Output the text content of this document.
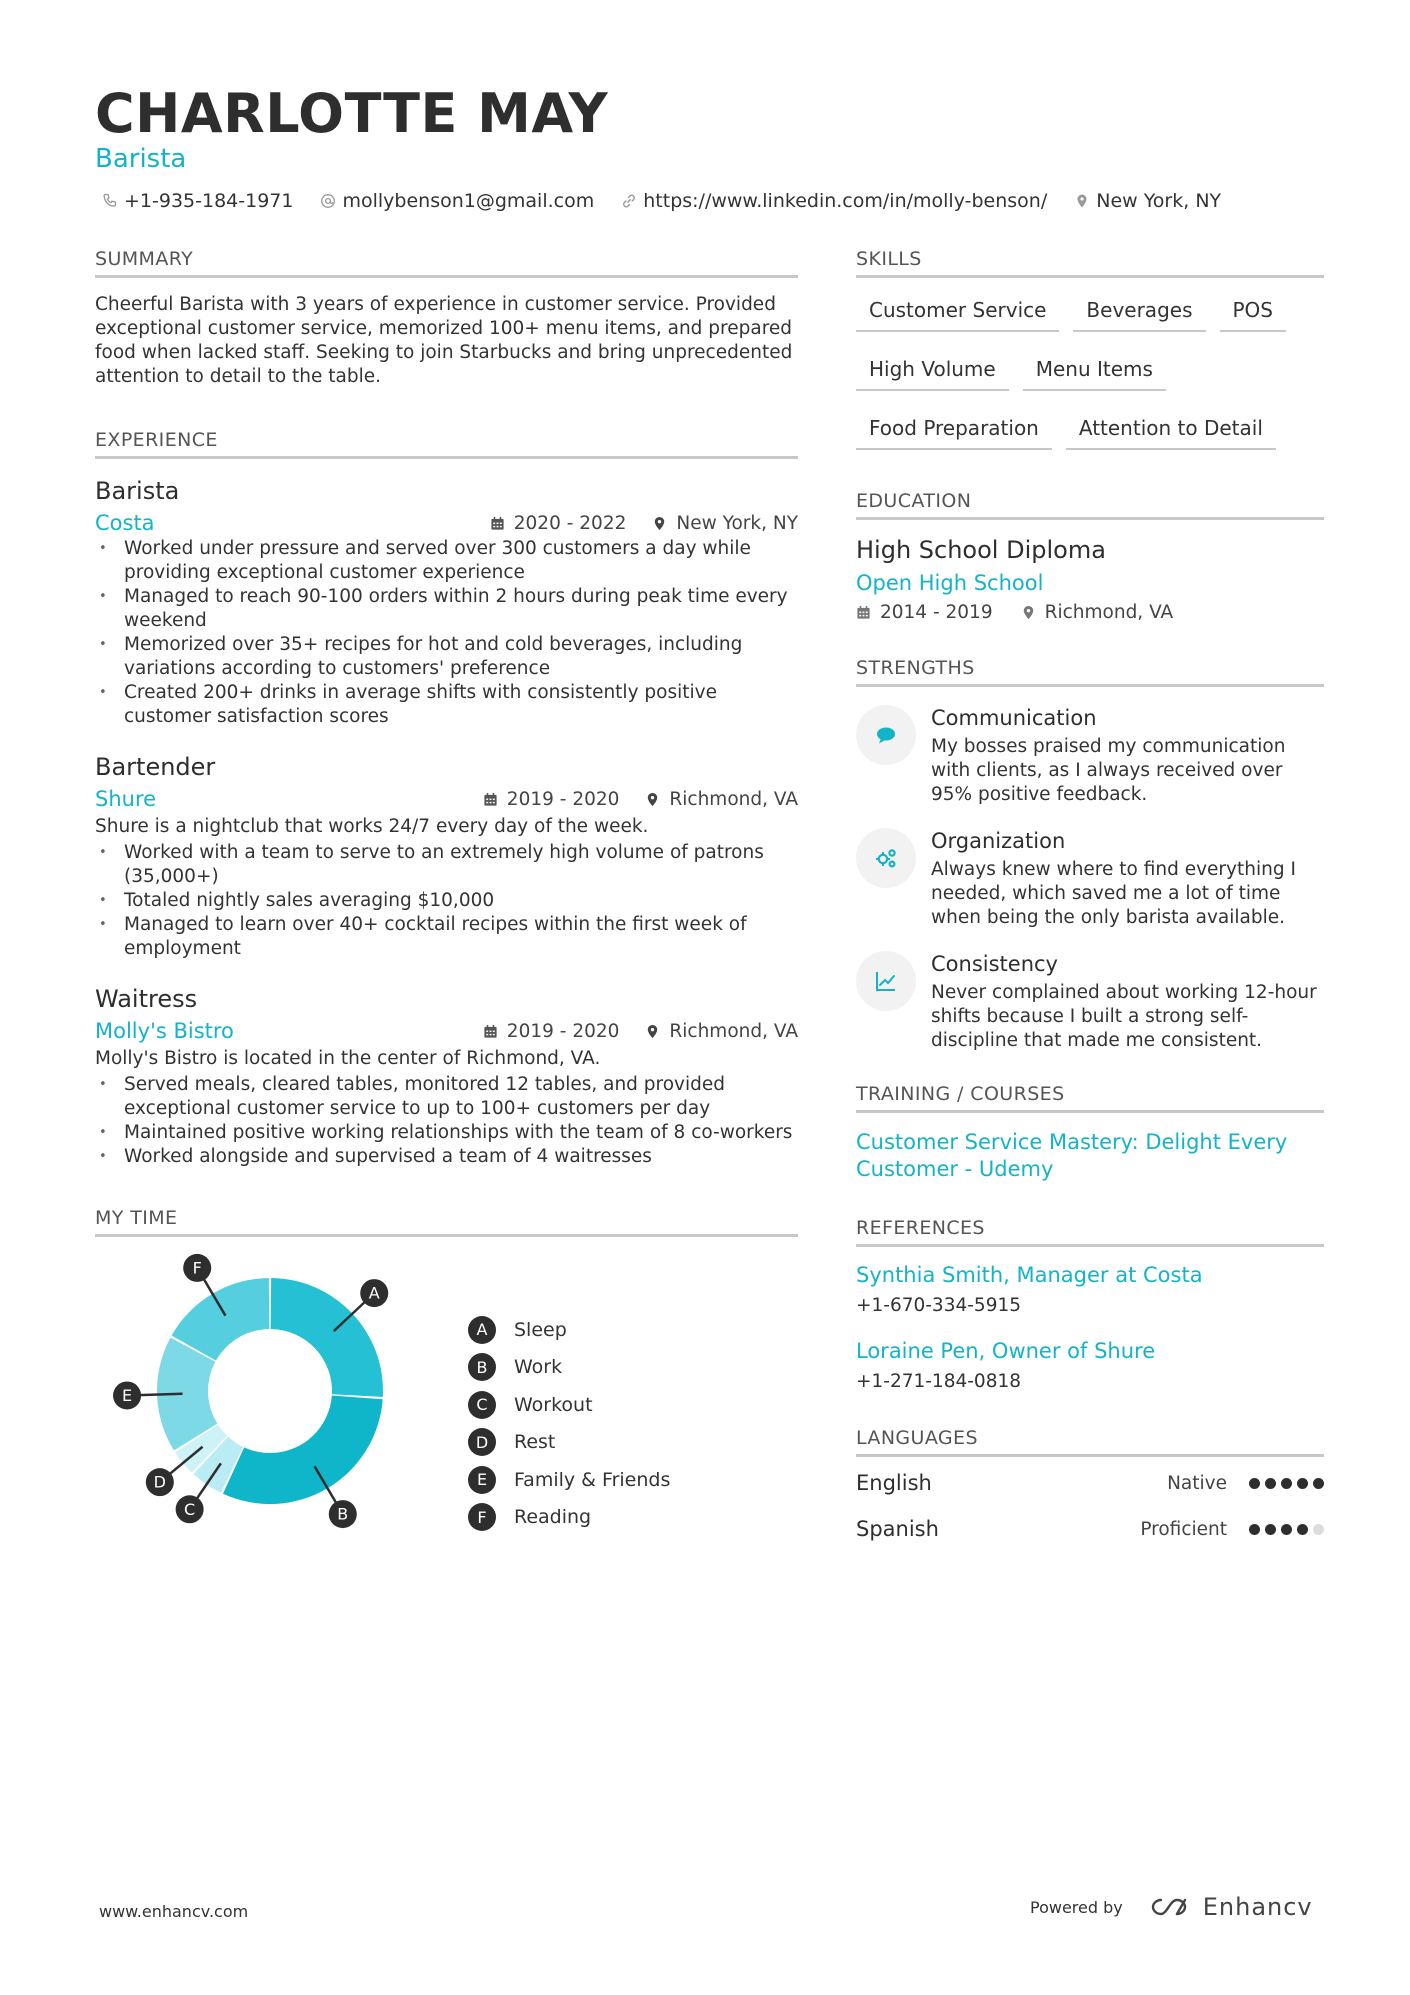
CHARLOTTE MAY
Barista
+1-935-184-1971	mollybenson1@gmail.com	https://www.linkedin.com/in/molly-benson/	New York, NY
SUMMARY
Cheerful Barista with 3 years of experience in customer service. Provided exceptional customer service, memorized 100+ menu items, and prepared food when lacked staff. Seeking to join Starbucks and bring unprecedented attention to detail to the table.
EXPERIENCE
Barista
Costa	2020 - 2022	New York, NY
• Worked under pressure and served over 300 customers a day while providing exceptional customer experience
• Managed to reach 90-100 orders within 2 hours during peak time every weekend
• Memorized over 35+ recipes for hot and cold beverages, including variations according to customers' preference
• Created 200+ drinks in average shifts with consistently positive customer satisfaction scores
Bartender
Shure	2019 - 2020	Richmond, VA
Shure is a nightclub that works 24/7 every day of the week.
• Worked with a team to serve to an extremely high volume of patrons (35,000+)
• Totaled nightly sales averaging $10,000
• Managed to learn over 40+ cocktail recipes within the first week of employment
Waitress
Molly's Bistro	2019 - 2020	Richmond, VA
Molly's Bistro is located in the center of Richmond, VA.
• Served meals, cleared tables, monitored 12 tables, and provided exceptional customer service to up to 100+ customers per day
• Maintained positive working relationships with the team of 8 co-workers
• Worked alongside and supervised a team of 4 waitresses
MY TIME
A
B
C
D
E
F
A	Sleep
B	Work
C	Workout
D	Rest
E	Family & Friends
F	Reading
SKILLS
Customer Service	Beverages	POS
High Volume	Menu Items
Food Preparation	Attention to Detail
EDUCATION
High School Diploma
Open High School
2014 - 2019	Richmond, VA
STRENGTHS
Communication
My bosses praised my communication with clients, as I always received over 95% positive feedback.
Organization
Always knew where to find everything I needed, which saved me a lot of time when being the only barista available.
Consistency
Never complained about working 12-hour shifts because I built a strong self-discipline that made me consistent.
TRAINING / COURSES
Customer Service Mastery: Delight Every Customer - Udemy
REFERENCES
Synthia Smith, Manager at Costa
+1-670-334-5915
Loraine Pen, Owner of Shure
+1-271-184-0818
LANGUAGES
English	Native
Spanish	Proficient
www.enhancv.com	Powered by	Enhancv
